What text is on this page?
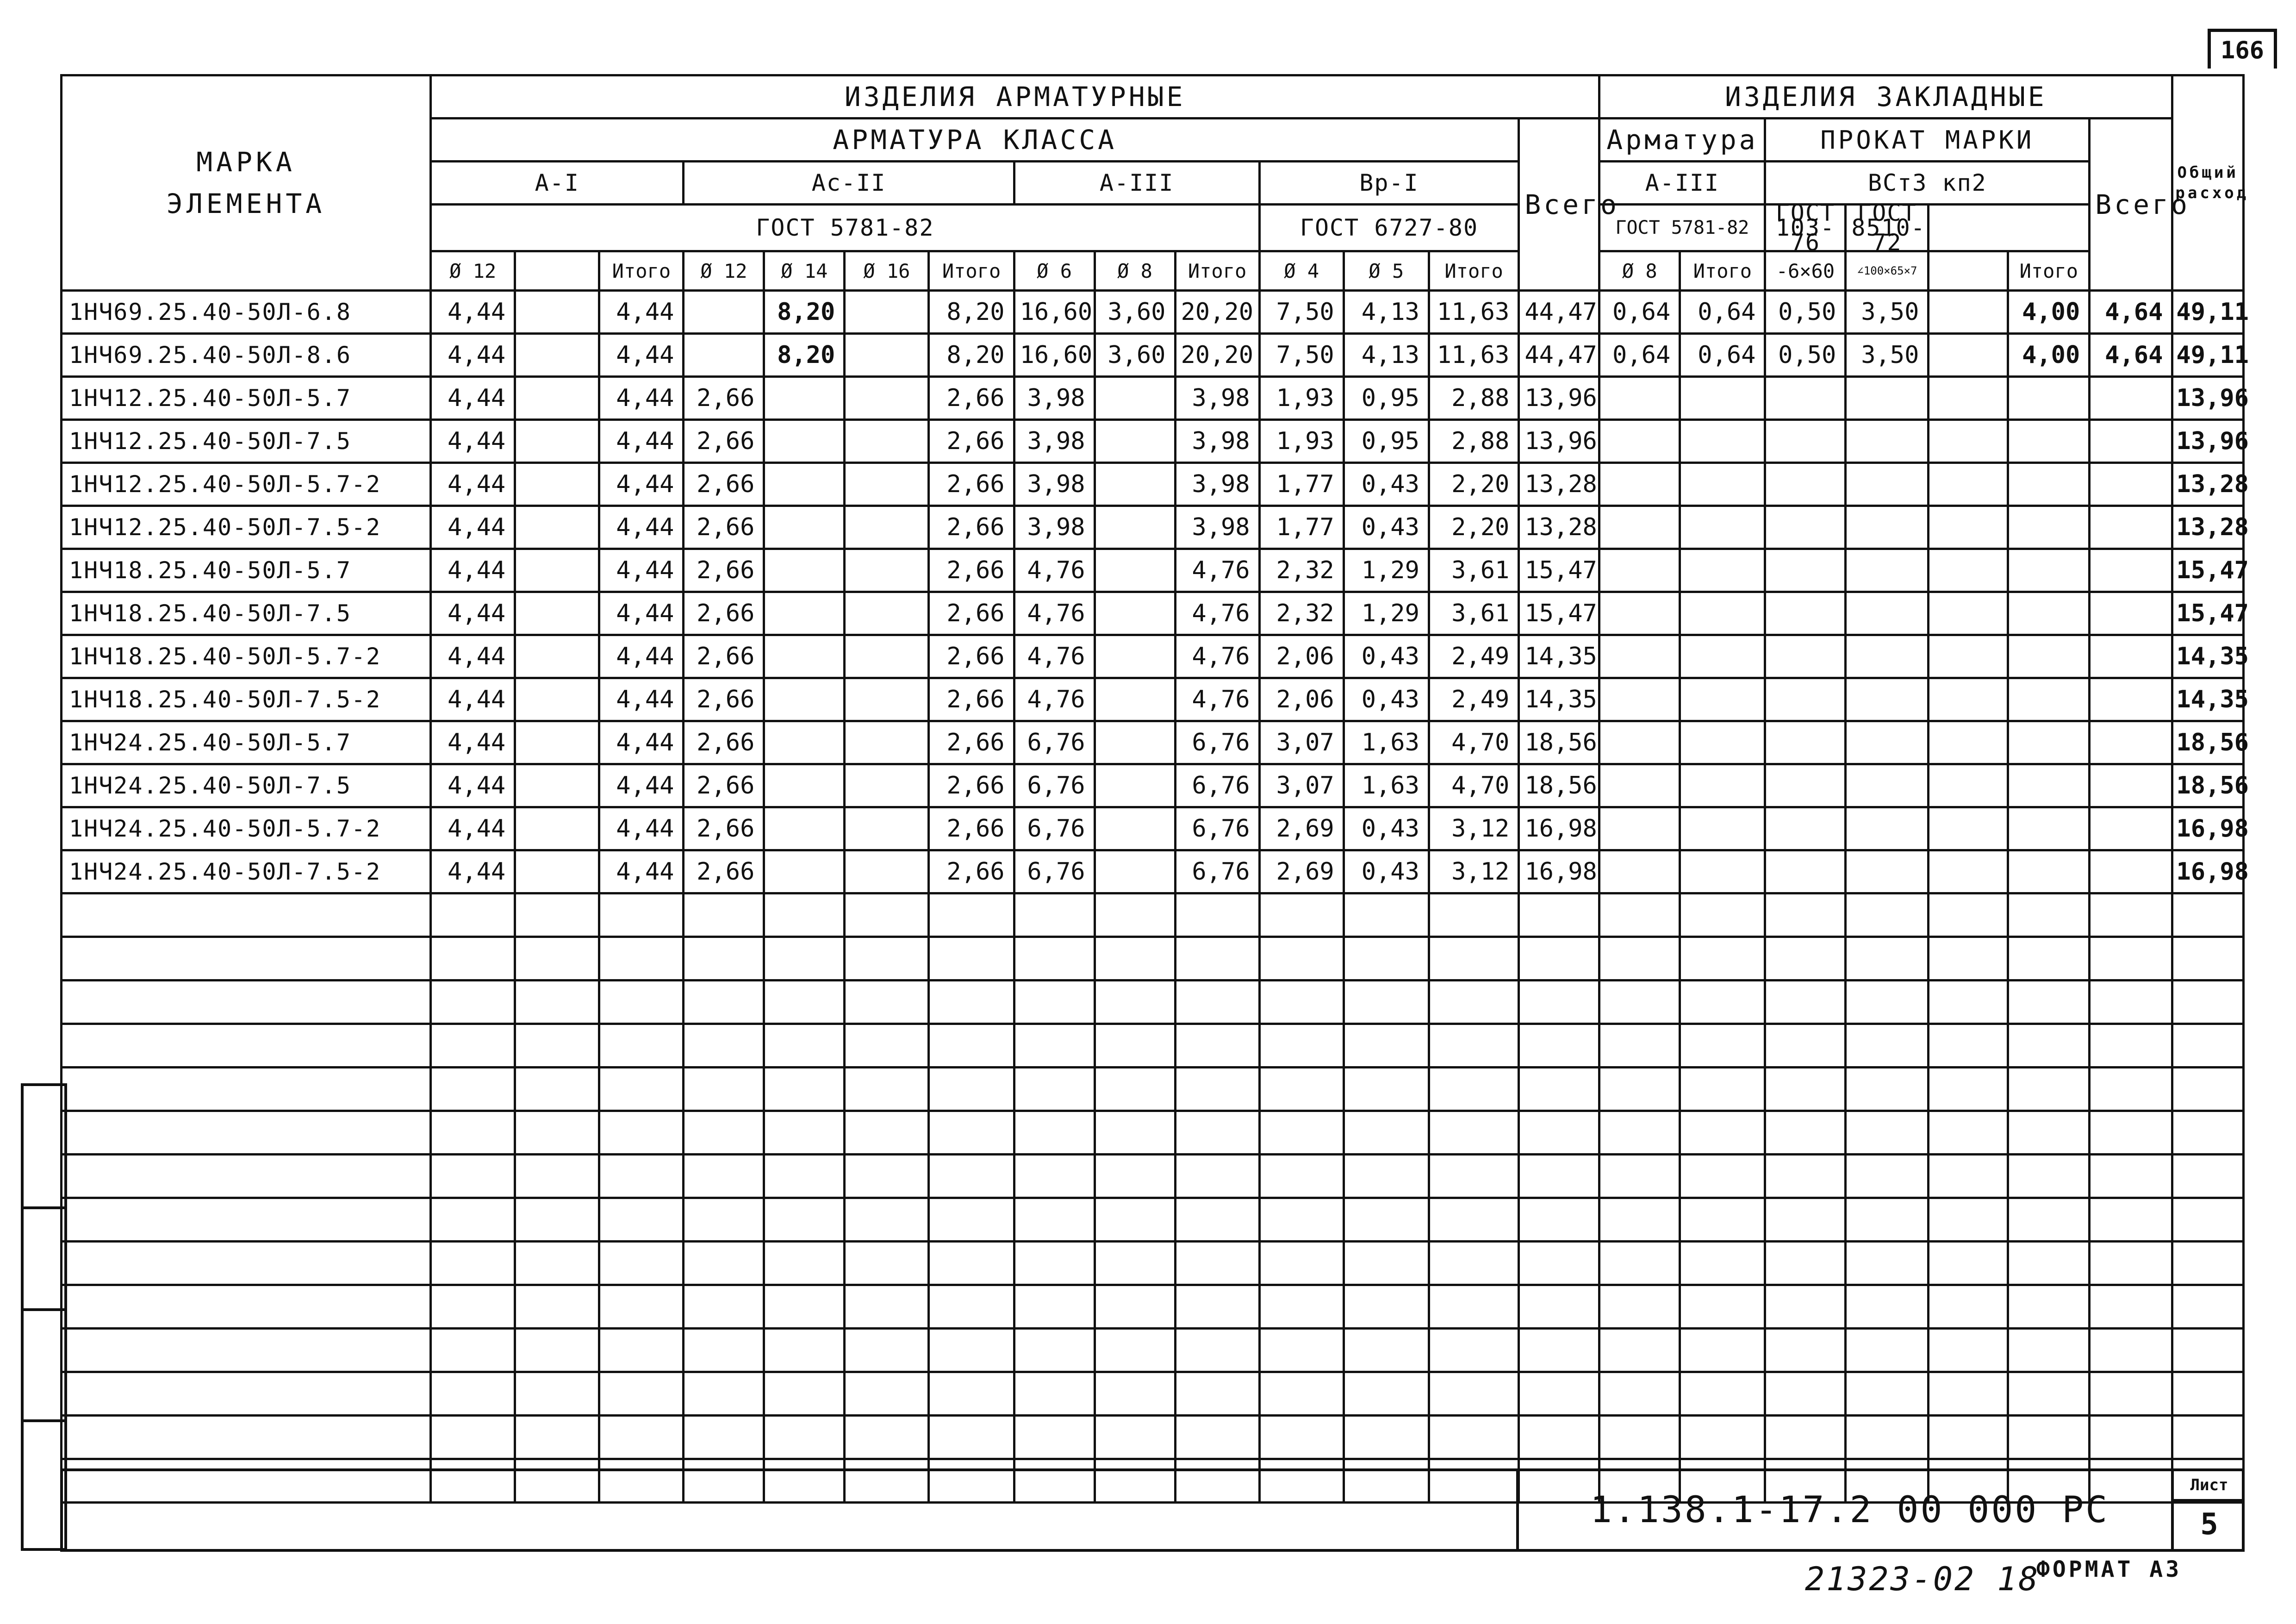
166
МАРКА
ЭЛЕМЕНТА	ИЗДЕЛИЯ АРМАТУРНЫЕ														ИЗДЕЛИЯ ЗАКЛАДНЫЕ							Общий расход
	АРМАТУРА КЛАССА													Всего	Арматура		ПРОКАТ МАРКИ				Всего	
	А-I			Ас-II				А-III			Вр-I				А-III		ВСт3 кп2					
	ГОСТ 5781-82										ГОСТ 6727-80				ГОСТ 5781-82		ГОСТ 103-76	ГОСТ 8510-72				
	Ø 12		Итого	Ø 12	Ø 14	Ø 16	Итого	Ø 6	Ø 8	Итого	Ø 4	Ø 5	Итого		Ø 8	Итого	-6×60	∠100×65×7		Итого		
1НЧ69.25.40-50Л-6.8	4,44		4,44		8,20		8,20	16,60	3,60	20,20	7,50	4,13	11,63	44,47	0,64	0,64	0,50	3,50		4,00	4,64	49,11
1НЧ69.25.40-50Л-8.6	4,44		4,44		8,20		8,20	16,60	3,60	20,20	7,50	4,13	11,63	44,47	0,64	0,64	0,50	3,50		4,00	4,64	49,11
1НЧ12.25.40-50Л-5.7	4,44		4,44	2,66			2,66	3,98		3,98	1,93	0,95	2,88	13,96								13,96
1НЧ12.25.40-50Л-7.5	4,44		4,44	2,66			2,66	3,98		3,98	1,93	0,95	2,88	13,96								13,96
1НЧ12.25.40-50Л-5.7-2	4,44		4,44	2,66			2,66	3,98		3,98	1,77	0,43	2,20	13,28								13,28
1НЧ12.25.40-50Л-7.5-2	4,44		4,44	2,66			2,66	3,98		3,98	1,77	0,43	2,20	13,28								13,28
1НЧ18.25.40-50Л-5.7	4,44		4,44	2,66			2,66	4,76		4,76	2,32	1,29	3,61	15,47								15,47
1НЧ18.25.40-50Л-7.5	4,44		4,44	2,66			2,66	4,76		4,76	2,32	1,29	3,61	15,47								15,47
1НЧ18.25.40-50Л-5.7-2	4,44		4,44	2,66			2,66	4,76		4,76	2,06	0,43	2,49	14,35								14,35
1НЧ18.25.40-50Л-7.5-2	4,44		4,44	2,66			2,66	4,76		4,76	2,06	0,43	2,49	14,35								14,35
1НЧ24.25.40-50Л-5.7	4,44		4,44	2,66			2,66	6,76		6,76	3,07	1,63	4,70	18,56								18,56
1НЧ24.25.40-50Л-7.5	4,44		4,44	2,66			2,66	6,76		6,76	3,07	1,63	4,70	18,56								18,56
1НЧ24.25.40-50Л-5.7-2	4,44		4,44	2,66			2,66	6,76		6,76	2,69	0,43	3,12	16,98								16,98
1НЧ24.25.40-50Л-7.5-2	4,44		4,44	2,66			2,66	6,76		6,76	2,69	0,43	3,12	16,98								16,98

1.138.1-17.2 00 000 РС
Лист
5
21323-02 18
ФОРМАТ А3
